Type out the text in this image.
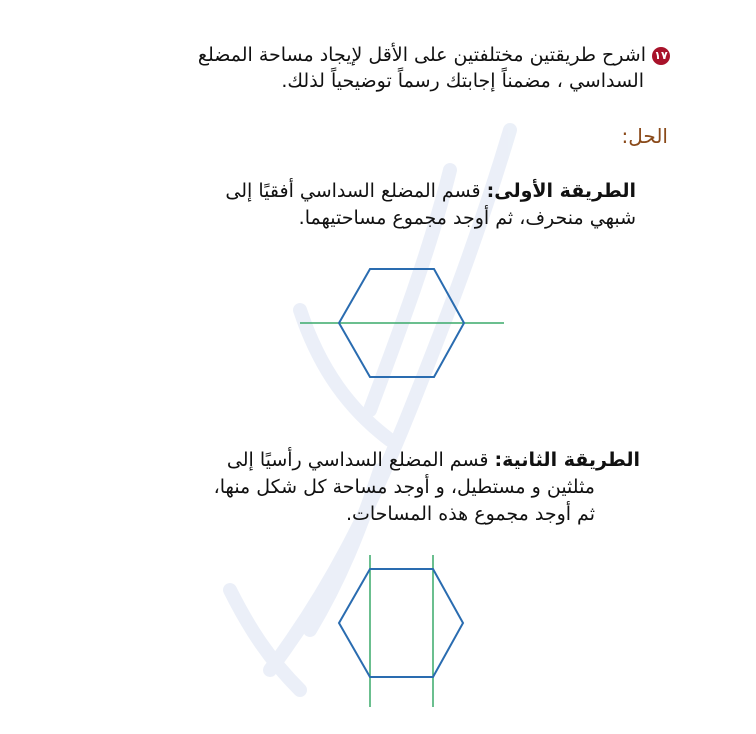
١٧اشرح طريقتين مختلفتين على الأقل لإيجاد مساحة المضلع
السداسي ، مضمناً إجابتك رسماً توضيحياً لذلك.
الحل:
الطريقة الأولى: قسم المضلع السداسي أفقيًا إلى
شبهي منحرف، ثم أوجد مجموع مساحتيهما.
الطريقة الثانية: قسم المضلع السداسي رأسيًا إلى
مثلثين و مستطيل، و أوجد مساحة كل شكل منها،
ثم أوجد مجموع هذه المساحات.
